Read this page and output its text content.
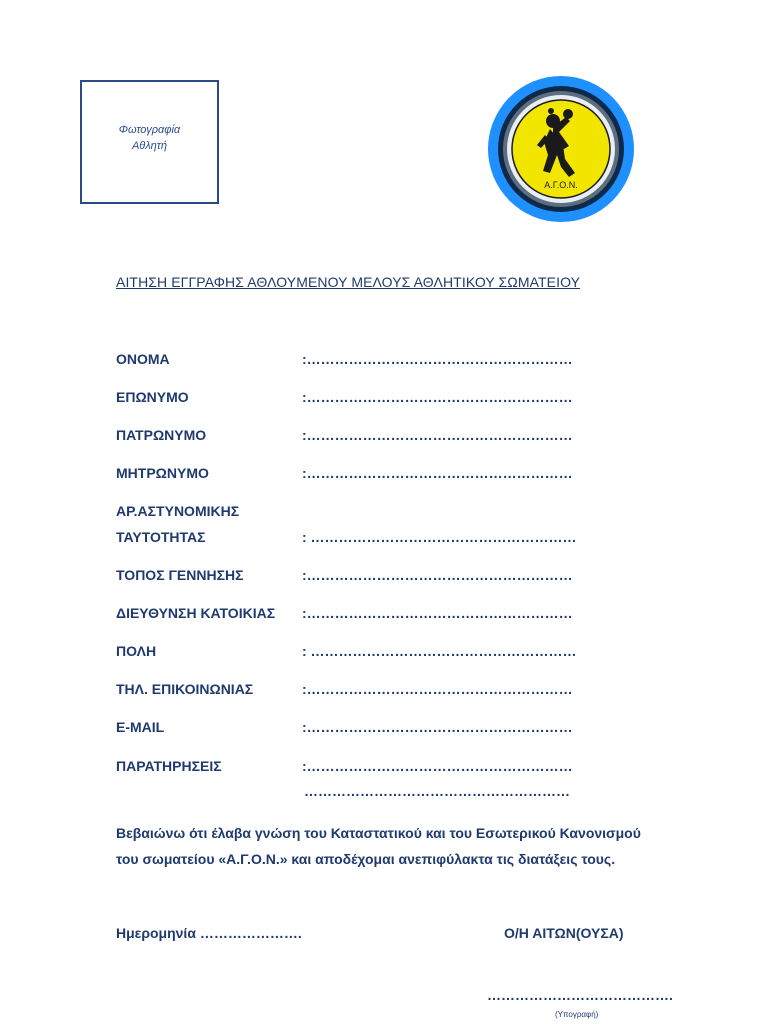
Φωτογραφία
Αθλητή
Α.Γ.Ο.Ν.
ΑΙΤΗΣΗ ΕΓΓΡΑΦΗΣ ΑΘΛΟΥΜΕΝΟΥ ΜΕΛΟΥΣ ΑΘΛΗΤΙΚΟΥ ΣΩΜΑΤΕΙΟΥ
ΟΝΟΜΑ	:…………………………………………………
ΕΠΩΝΥΜΟ	:…………………………………………………
ΠΑΤΡΩΝΥΜΟ	:…………………………………………………
ΜΗΤΡΩΝΥΜΟ	:…………………………………………………
ΑΡ.ΑΣΤΥΝΟΜΙΚΗΣ
ΤΑΥΤΟΤΗΤΑΣ	: …………………………………………………
ΤΟΠΟΣ ΓΕΝΝΗΣΗΣ	:…………………………………………………
ΔΙΕΥΘΥΝΣΗ ΚΑΤΟΙΚΙΑΣ :…………………………………………………
ΠΟΛΗ	: …………………………………………………
ΤΗΛ. ΕΠΙΚΟΙΝΩΝΙΑΣ	:…………………………………………………
E-MAIL	:…………………………………………………
ΠΑΡΑΤΗΡΗΣΕΙΣ	:…………………………………………………
…………………………………………………
Βεβαιώνω ότι έλαβα γνώση του Καταστατικού και του Εσωτερικού Κανονισμού
του σωματείου «Α.Γ.Ο.Ν.» και αποδέχομαι ανεπιφύλακτα τις διατάξεις τους.
Ημερομηνία ………………….	Ο/Η ΑΙΤΩΝ(ΟΥΣΑ)
………………………………….
(Υπογραφή)
